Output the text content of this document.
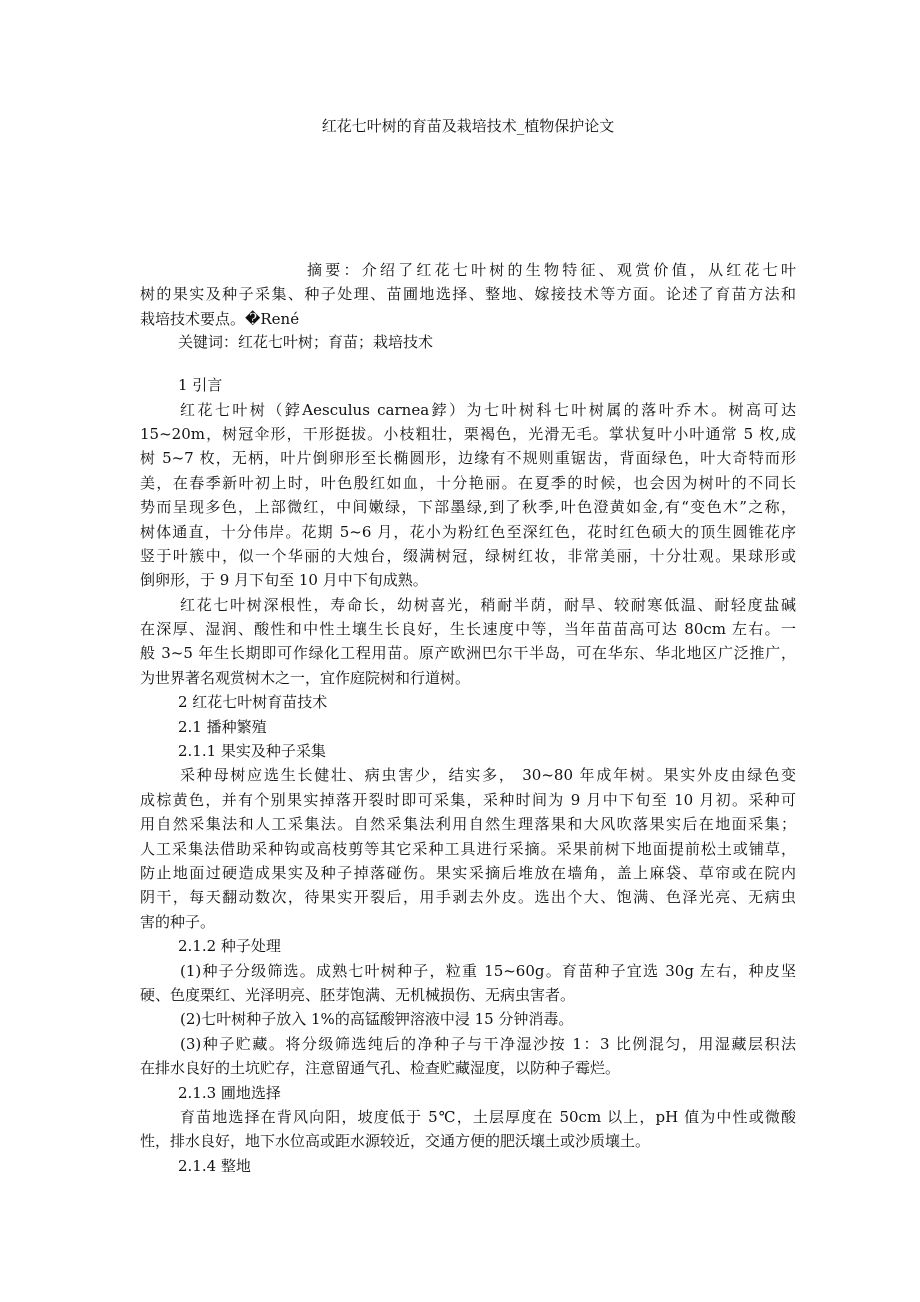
红花七叶树的育苗及栽培技术_植物保护论文
摘要：介绍了红花七叶树的生物特征、观赏价值，从红花七叶
树的果实及种子采集、种子处理、苗圃地选择、整地、嫁接技术等方面。论述了育苗方法和
栽培技术要点。�René
关键词：红花七叶树；育苗；栽培技术
1 引言
红花七叶树（鋍Aesculus carnea鋍）为七叶树科七叶树属的落叶乔木。树高可达
15~20m，树冠伞形，干形挺拔。小枝粗壮，栗褐色，光滑无毛。掌状复叶小叶通常 5 枚,成
树 5~7 枚，无柄，叶片倒卵形至长椭圆形，边缘有不规则重锯齿，背面绿色，叶大奇特而形
美，在春季新叶初上时，叶色殷红如血，十分艳丽。在夏季的时候，也会因为树叶的不同长
势而呈现多色，上部微红，中间嫩绿，下部墨绿,到了秋季,叶色澄黄如金,有“变色木”之称，
树体通直，十分伟岸。花期 5~6 月，花小为粉红色至深红色，花时红色硕大的顶生圆锥花序
竖于叶簇中，似一个华丽的大烛台，缀满树冠，绿树红妆，非常美丽，十分壮观。果球形或
倒卵形，于 9 月下旬至 10 月中下旬成熟。
红花七叶树深根性，寿命长，幼树喜光，稍耐半荫，耐旱、较耐寒低温、耐轻度盐碱
在深厚、湿润、酸性和中性土壤生长良好，生长速度中等，当年苗苗高可达 80cm 左右。一
般 3~5 年生长期即可作绿化工程用苗。原产欧洲巴尔干半岛，可在华东、华北地区广泛推广，
为世界著名观赏树木之一，宜作庭院树和行道树。
2 红花七叶树育苗技术
2.1 播种繁殖
2.1.1 果实及种子采集
采种母树应选生长健壮、病虫害少，结实多， 30~80 年成年树。果实外皮由绿色变
成棕黄色，并有个别果实掉落开裂时即可采集，采种时间为 9 月中下旬至 10 月初。采种可
用自然采集法和人工采集法。自然采集法利用自然生理落果和大风吹落果实后在地面采集；
人工采集法借助采种钩或高枝剪等其它采种工具进行采摘。采果前树下地面提前松土或铺草，
防止地面过硬造成果实及种子掉落碰伤。果实采摘后堆放在墙角，盖上麻袋、草帘或在院内
阴干，每天翻动数次，待果实开裂后，用手剥去外皮。选出个大、饱满、色泽光亮、无病虫
害的种子。
2.1.2 种子处理
(1)种子分级筛选。成熟七叶树种子，粒重 15~60g。育苗种子宜选 30g 左右，种皮坚
硬、色度栗红、光泽明亮、胚芽饱满、无机械损伤、无病虫害者。
(2)七叶树种子放入 1%的高锰酸钾溶液中浸 15 分钟消毒。
(3)种子贮藏。将分级筛选纯后的净种子与干净湿沙按 1：3 比例混匀，用湿藏层积法
在排水良好的土坑贮存，注意留通气孔、检查贮藏湿度，以防种子霉烂。
2.1.3 圃地选择
育苗地选择在背风向阳，坡度低于 5℃，土层厚度在 50cm 以上，pH 值为中性或微酸
性，排水良好，地下水位高或距水源较近，交通方便的肥沃壤土或沙质壤土。
2.1.4 整地
